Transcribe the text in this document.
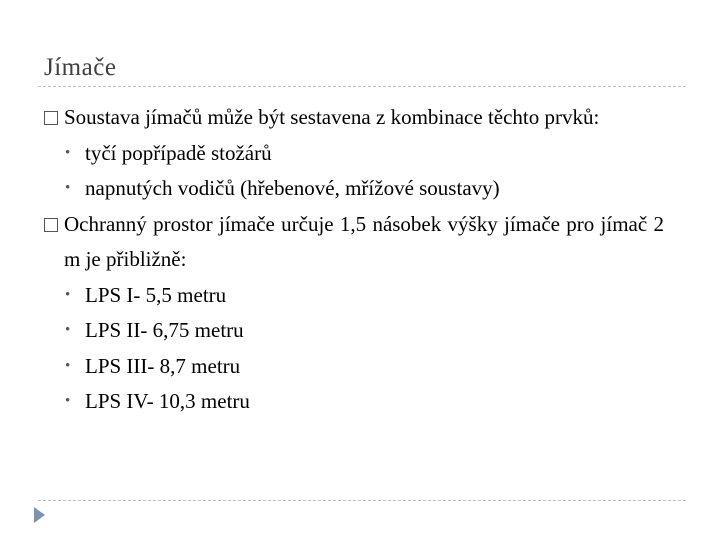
Jímače
Soustava jímačů může být sestavena z kombinace těchto prvků:
• tyčí popřípadě stožárů
• napnutých vodičů (hřebenové, mřížové soustavy)
Ochranný prostor jímače určuje 1,5 násobek výšky jímače pro jímač 2 m je přibližně:
• LPS I- 5,5 metru
• LPS II- 6,75 metru
• LPS III- 8,7 metru
• LPS IV- 10,3 metru
